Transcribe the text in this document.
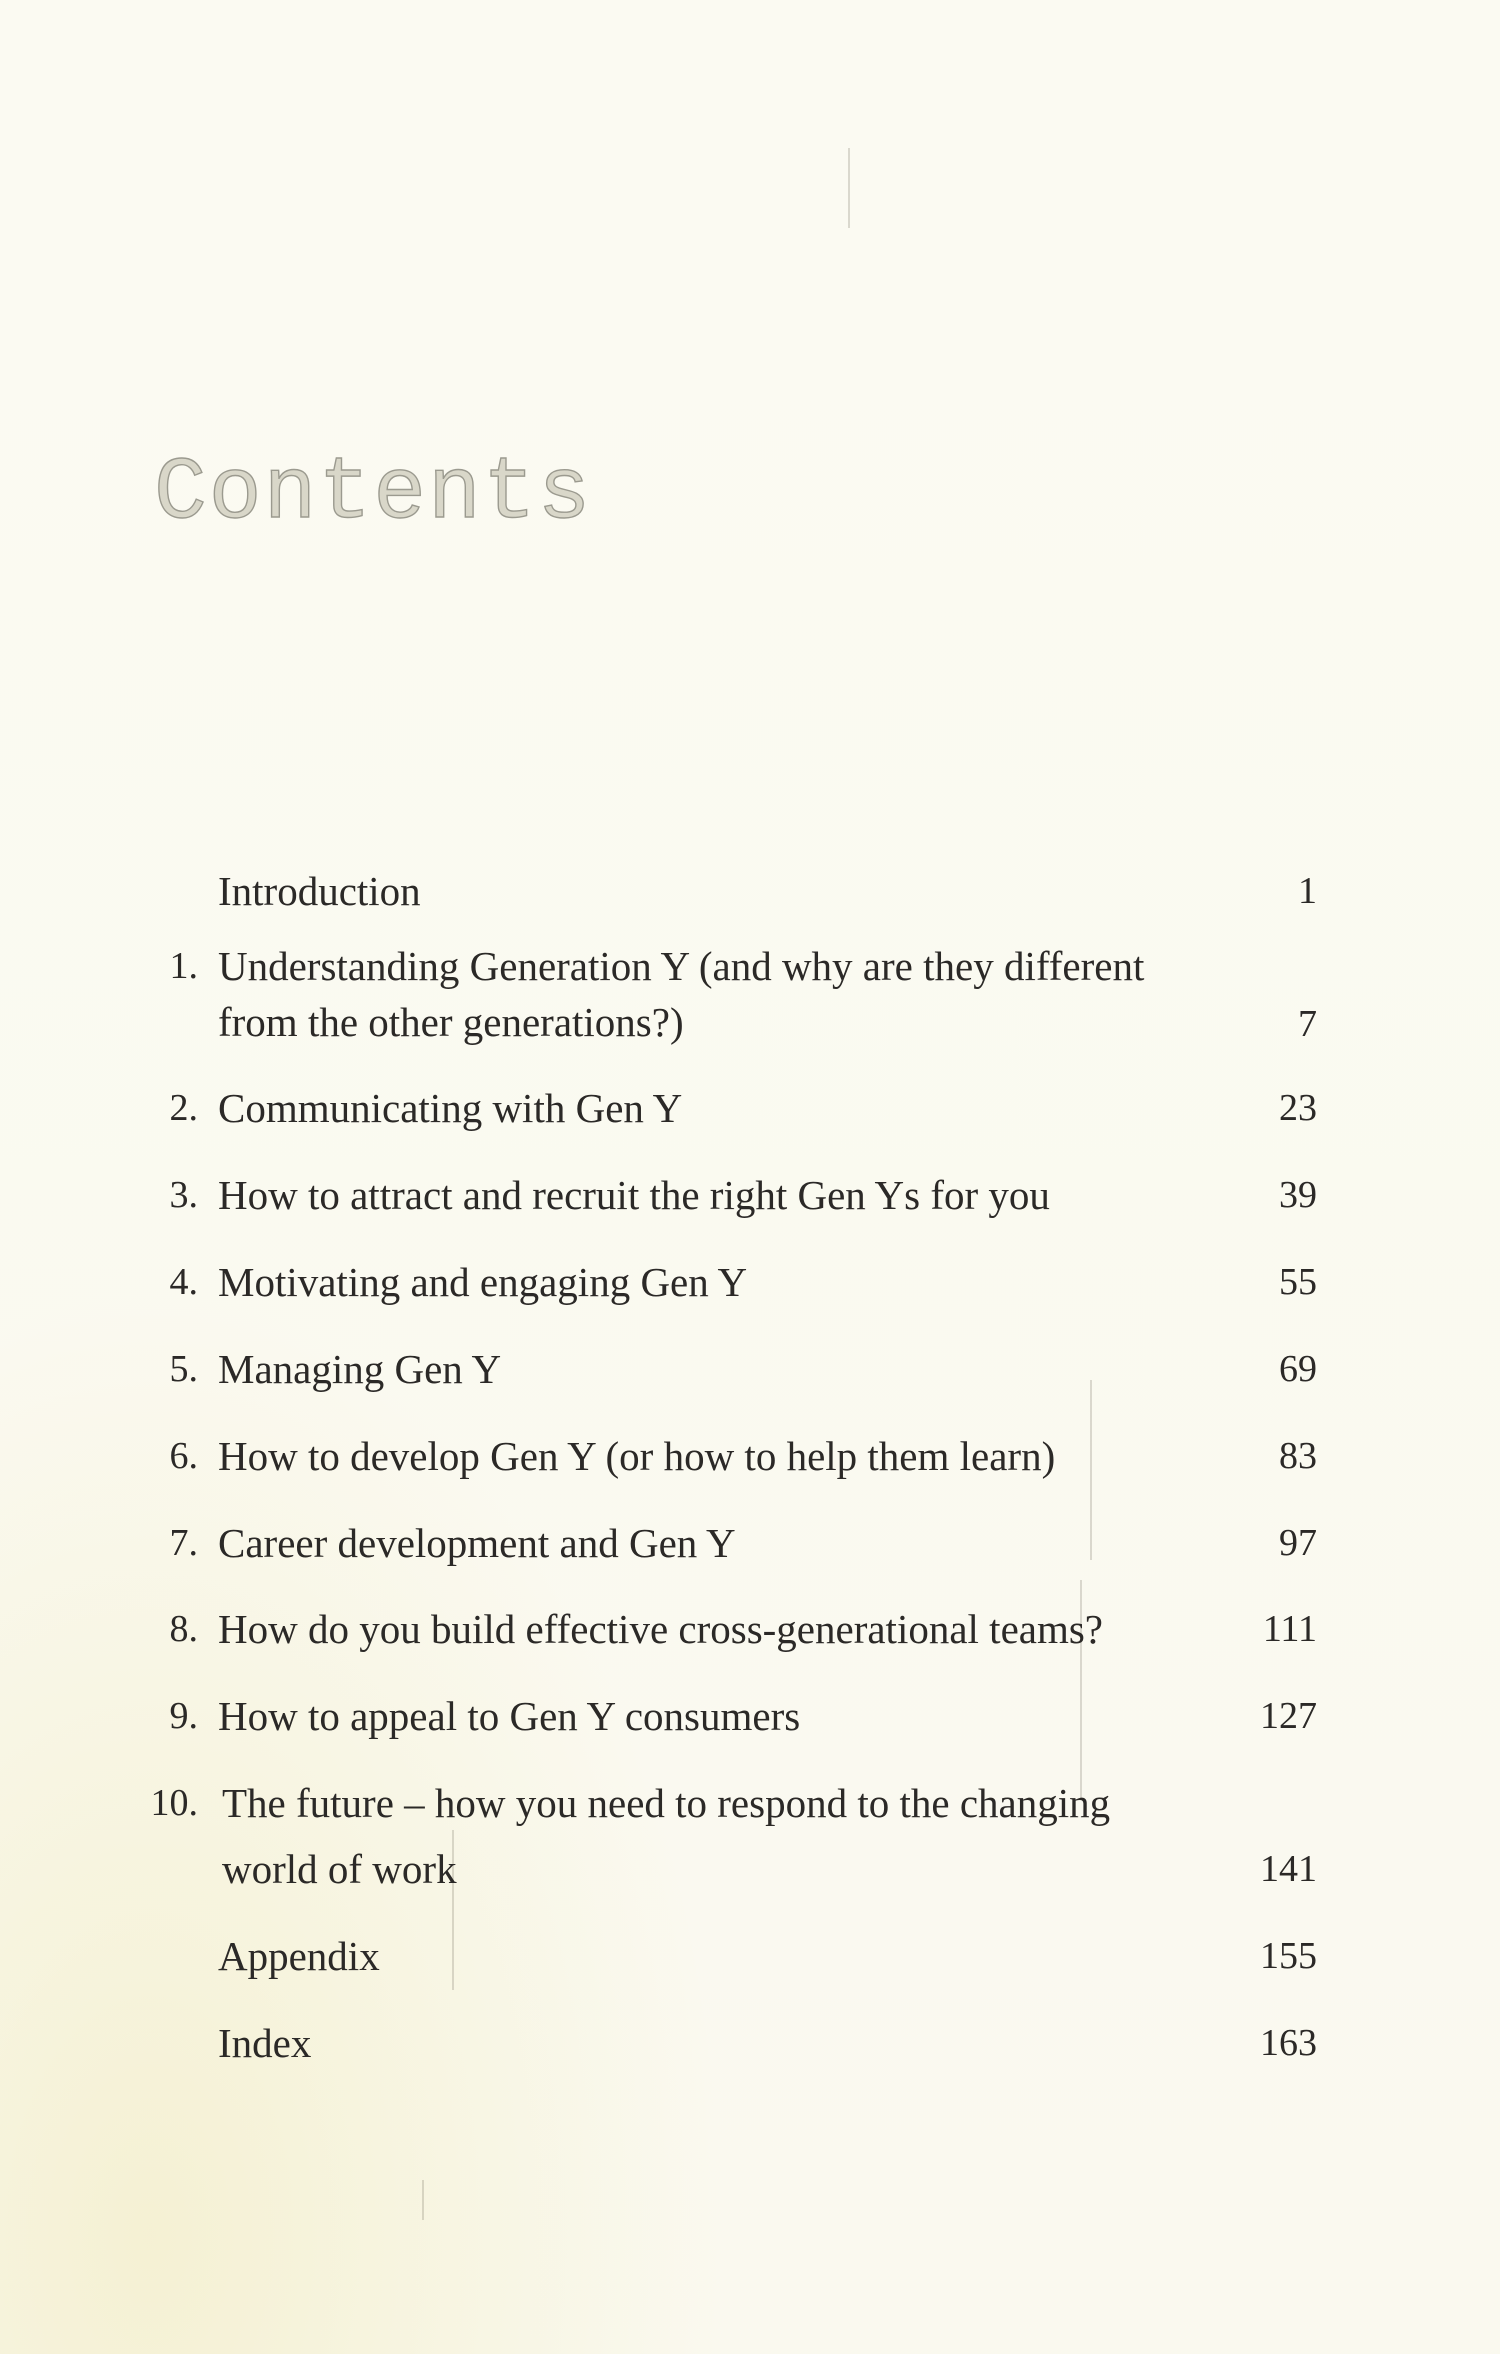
Contents
Introduction	1
1. Understanding Generation Y (and why are they different
from the other generations?)	7
2. Communicating with Gen Y	23
3. How to attract and recruit the right Gen Ys for you	39
4. Motivating and engaging Gen Y	55
5. Managing Gen Y	69
6. How to develop Gen Y (or how to help them learn)	83
7. Career development and Gen Y	97
8. How do you build effective cross-generational teams?	111
9. How to appeal to Gen Y consumers	127
10. The future – how you need to respond to the changing
world of work	141
Appendix	155
Index	163
